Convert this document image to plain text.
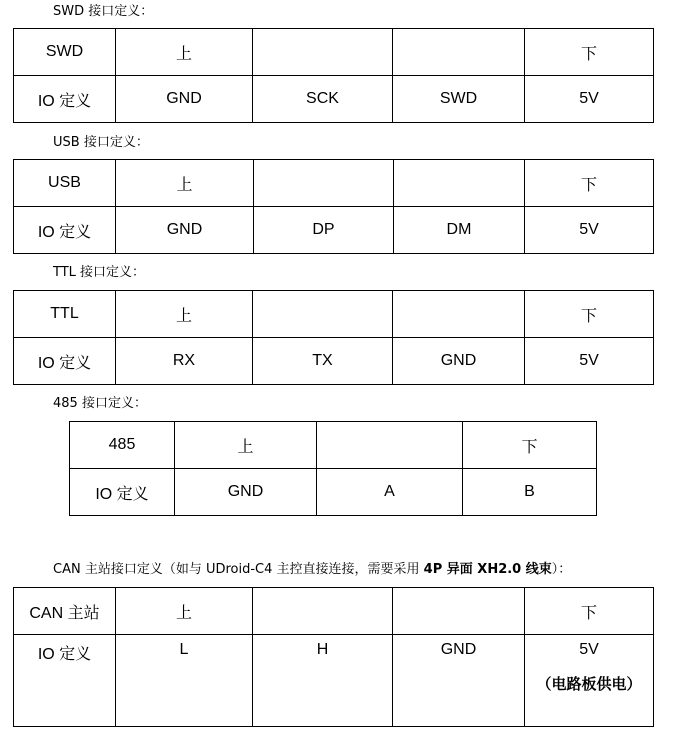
SWD 接口定义：
SWD	上			下
IO 定义	GND	SCK	SWD	5V
USB 接口定义：
USB	上			下
IO 定义	GND	DP	DM	5V
TTL 接口定义：
TTL	上			下
IO 定义	RX	TX	GND	5V
485 接口定义：
485	上		下
IO 定义	GND	A	B
CAN 主站接口定义（如与 UDroid-C4 主控直接连接，需要采用 4P 异面 XH2.0 线束）：
CAN 主站	上			下
IO 定义	L	H	GND	5V
（电路板供电）
